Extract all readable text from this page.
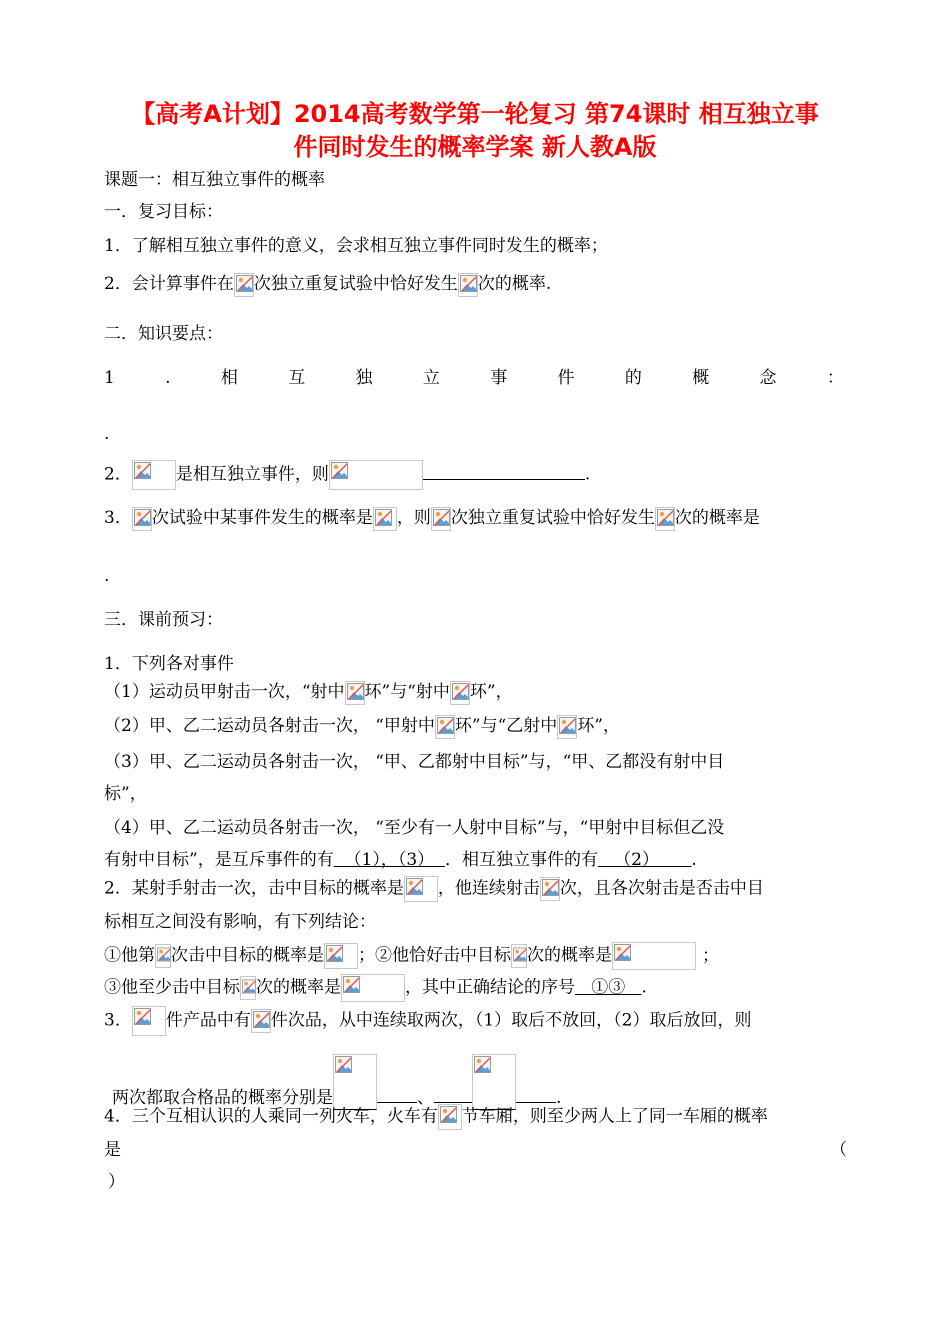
【高考A计划】2014高考数学第一轮复习 第74课时 相互独立事
件同时发生的概率学案 新人教A版
课题一：相互独立事件的概率
一．复习目标：
1．了解相互独立事件的意义，会求相互独立事件同时发生的概率；
2．会计算事件在 次独立重复试验中恰好发生 次的概率.
二．知识要点：
1	.	相	互	独	立	事	件	的	概	念	：
.
2．	是相互独立事件，则	.
3． 次试验中某事件发生的概率是 ，则 次独立重复试验中恰好发生 次的概率是
.
三．课前预习：
1．下列各对事件
（1）运动员甲射击一次，“射中 环”与“射中 环”，
（2）甲、乙二运动员各射击一次， “甲射中 环”与“乙射中 环”，
（3）甲、乙二运动员各射击一次， “甲、乙都射中目标”与，“甲、乙都没有射中目
标”，
（4）甲、乙二运动员各射击一次， “至少有一人射中目标”与，“甲射中目标但乙没
有射中目标”，是互斥事件的有  （1），（3）  ．相互独立事件的有   （2）      .
2．某射手射击一次，击中目标的概率是 ，他连续射击 次，且各次射击是否击中目
标相互之间没有影响，有下列结论：
①他第 次击中目标的概率是 ；②他恰好击中目标 次的概率是	；
③他至少击中目标 次的概率是	，其中正确结论的序号   ①③   .
3． 件产品中有 件次品，从中连续取两次，（1）取后不放回，（2）取后放回，则
两次都取合格品的概率分别是	、	.
4．三个互相认识的人乘同一列火车，火车有 节车厢，则至少两人上了同一车厢的概率
是	（
）
